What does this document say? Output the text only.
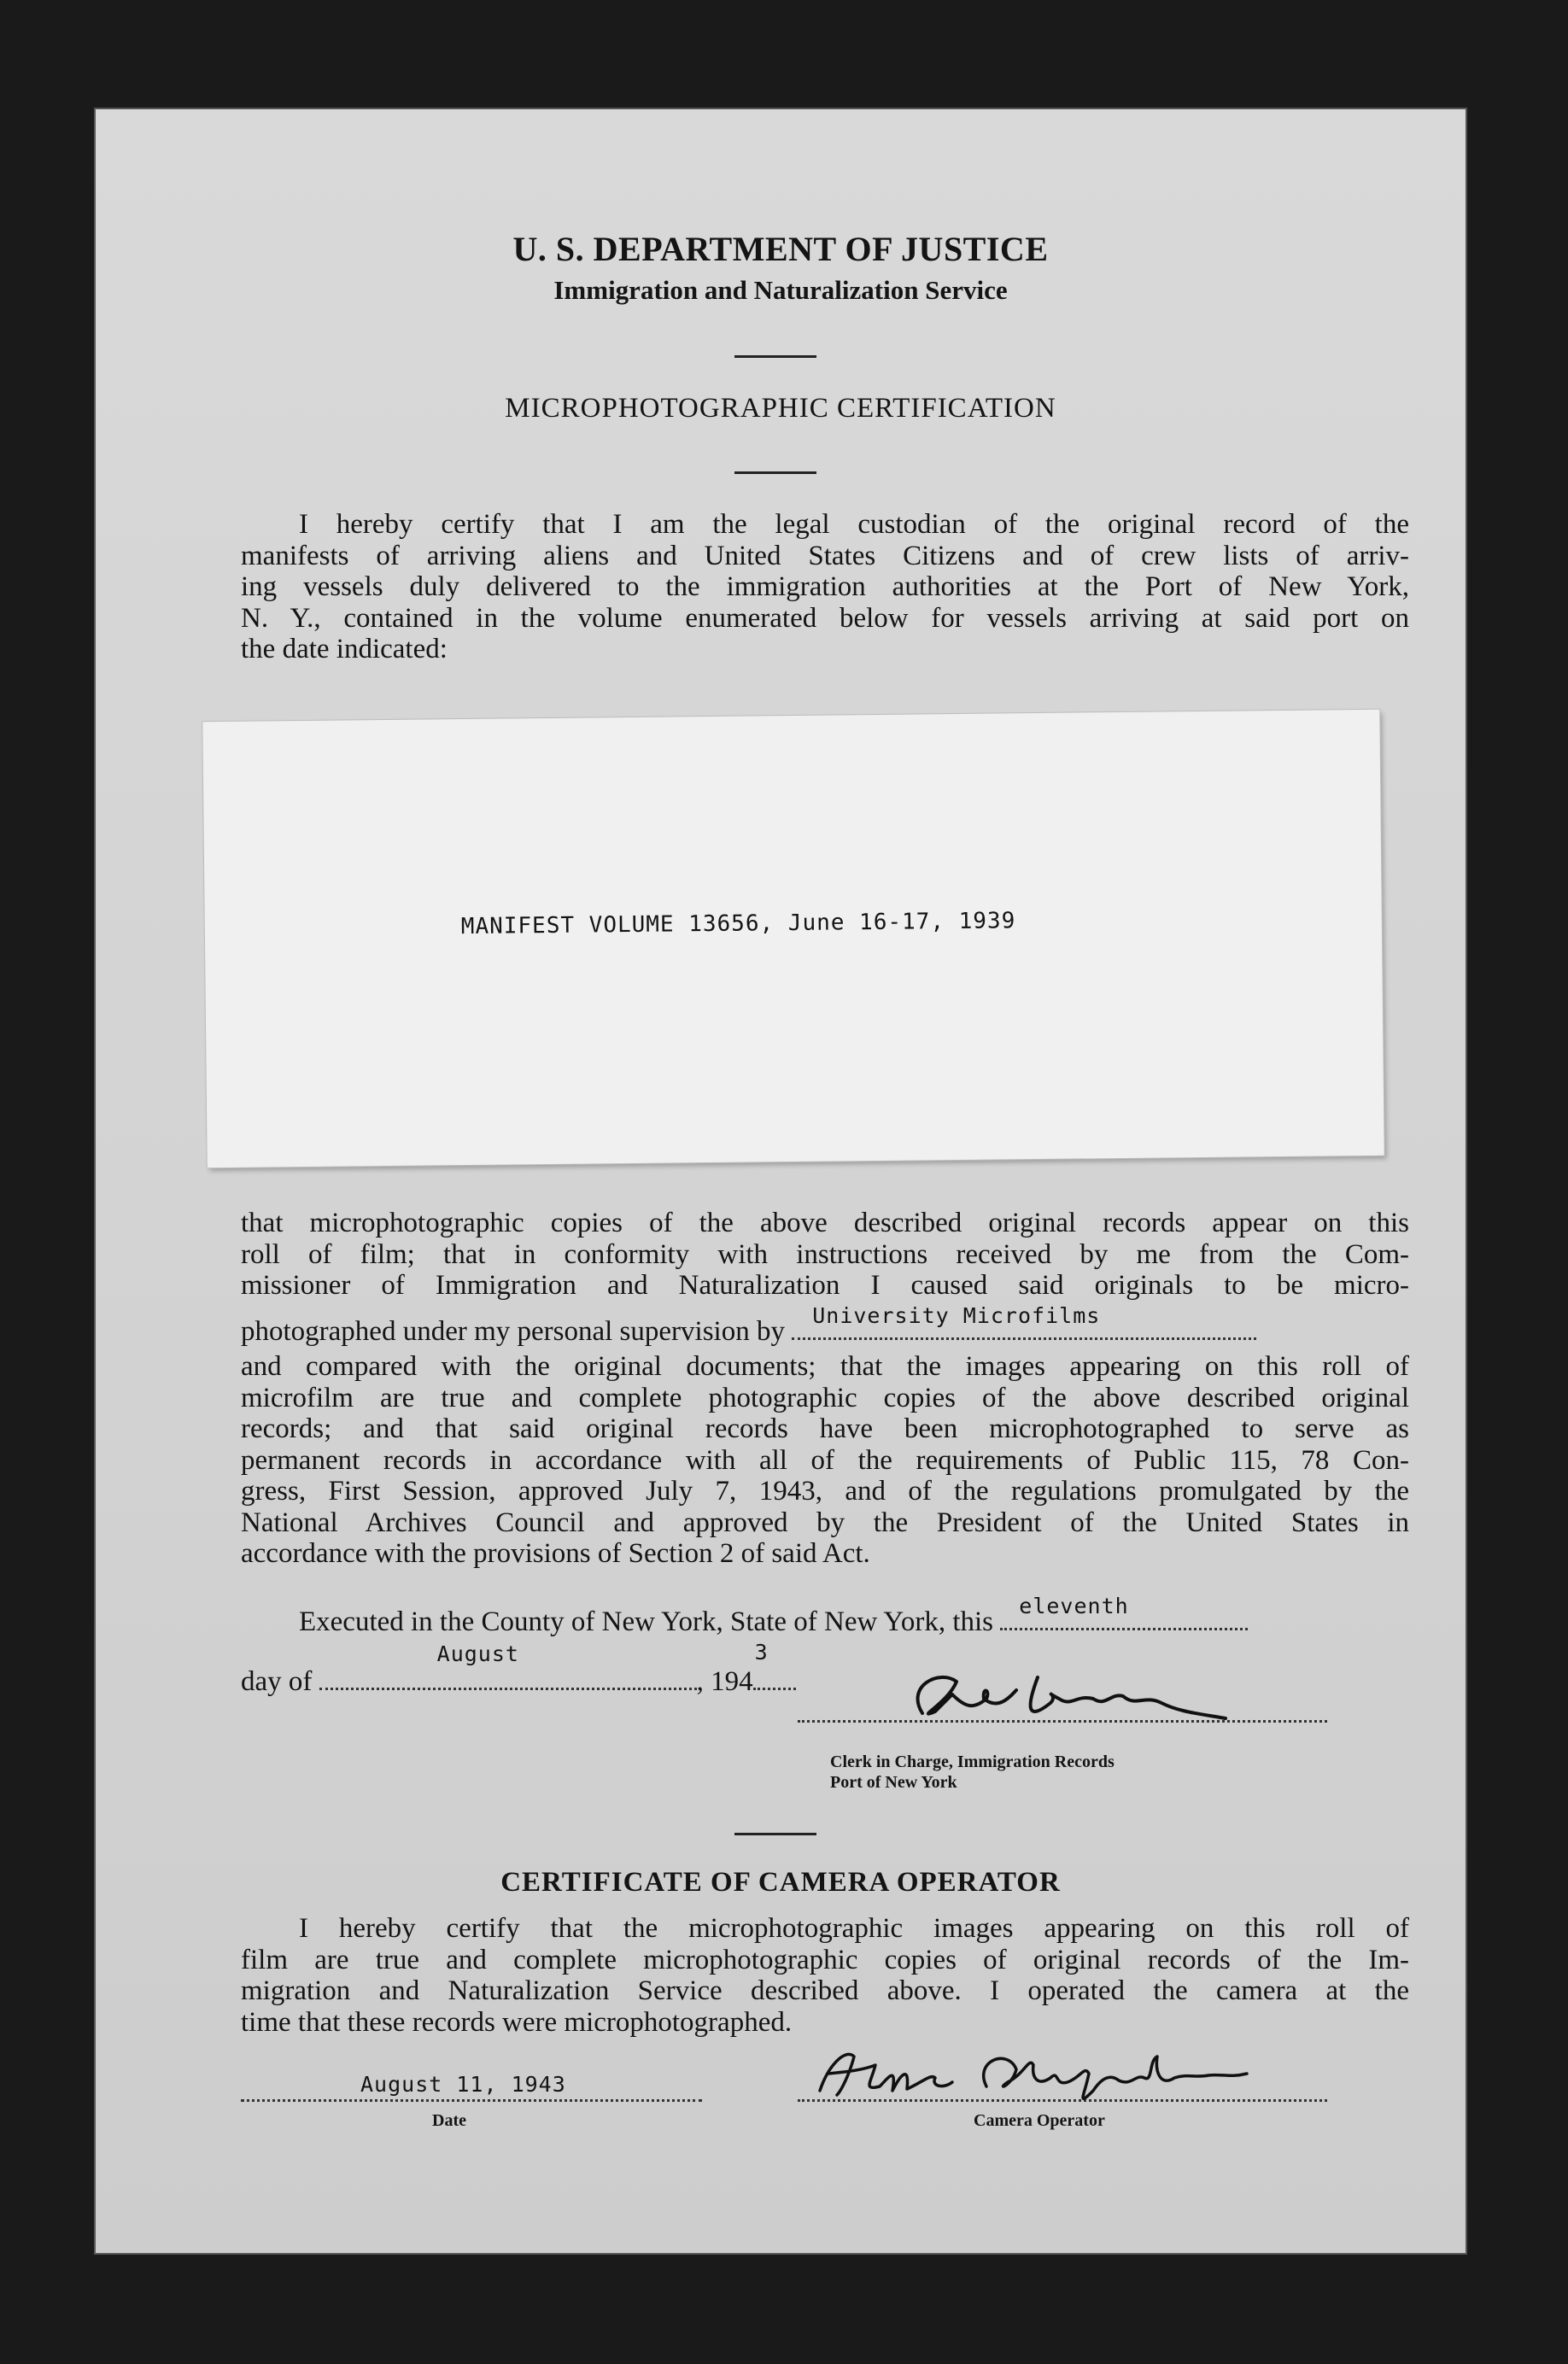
U. S. DEPARTMENT OF JUSTICE
Immigration and Naturalization Service
MICROPHOTOGRAPHIC CERTIFICATION
I hereby certify that I am the legal custodian of the original record of the
manifests of arriving aliens and United States Citizens and of crew lists of arriv-
ing vessels duly delivered to the immigration authorities at the Port of New York,
N. Y., contained in the volume enumerated below for vessels arriving at said port on
the date indicated:
MANIFEST VOLUME 13656, June 16-17, 1939
that microphotographic copies of the above described original records appear on this
roll of film; that in conformity with instructions received by me from the Com-
missioner of Immigration and Naturalization I caused said originals to be micro-
photographed under my personal supervision by
University Microfilms
and compared with the original documents; that the images appearing on this roll of
microfilm are true and complete photographic copies of the above described original
records; and that said original records have been microphotographed to serve as
permanent records in accordance with all of the requirements of Public 115, 78 Con-
gress, First Session, approved July 7, 1943, and of the regulations promulgated by the
National Archives Council and approved by the President of the United States in
accordance with the provisions of Section 2 of said Act.
Executed in the County of New York, State of New York, this
eleventh
day of
August
, 194
3
Clerk in Charge, Immigration Records
Port of New York
CERTIFICATE OF CAMERA OPERATOR
I hereby certify that the microphotographic images appearing on this roll of
film are true and complete microphotographic copies of original records of the Im-
migration and Naturalization Service described above. I operated the camera at the
time that these records were microphotographed.
August 11, 1943
Date	Camera Operator
